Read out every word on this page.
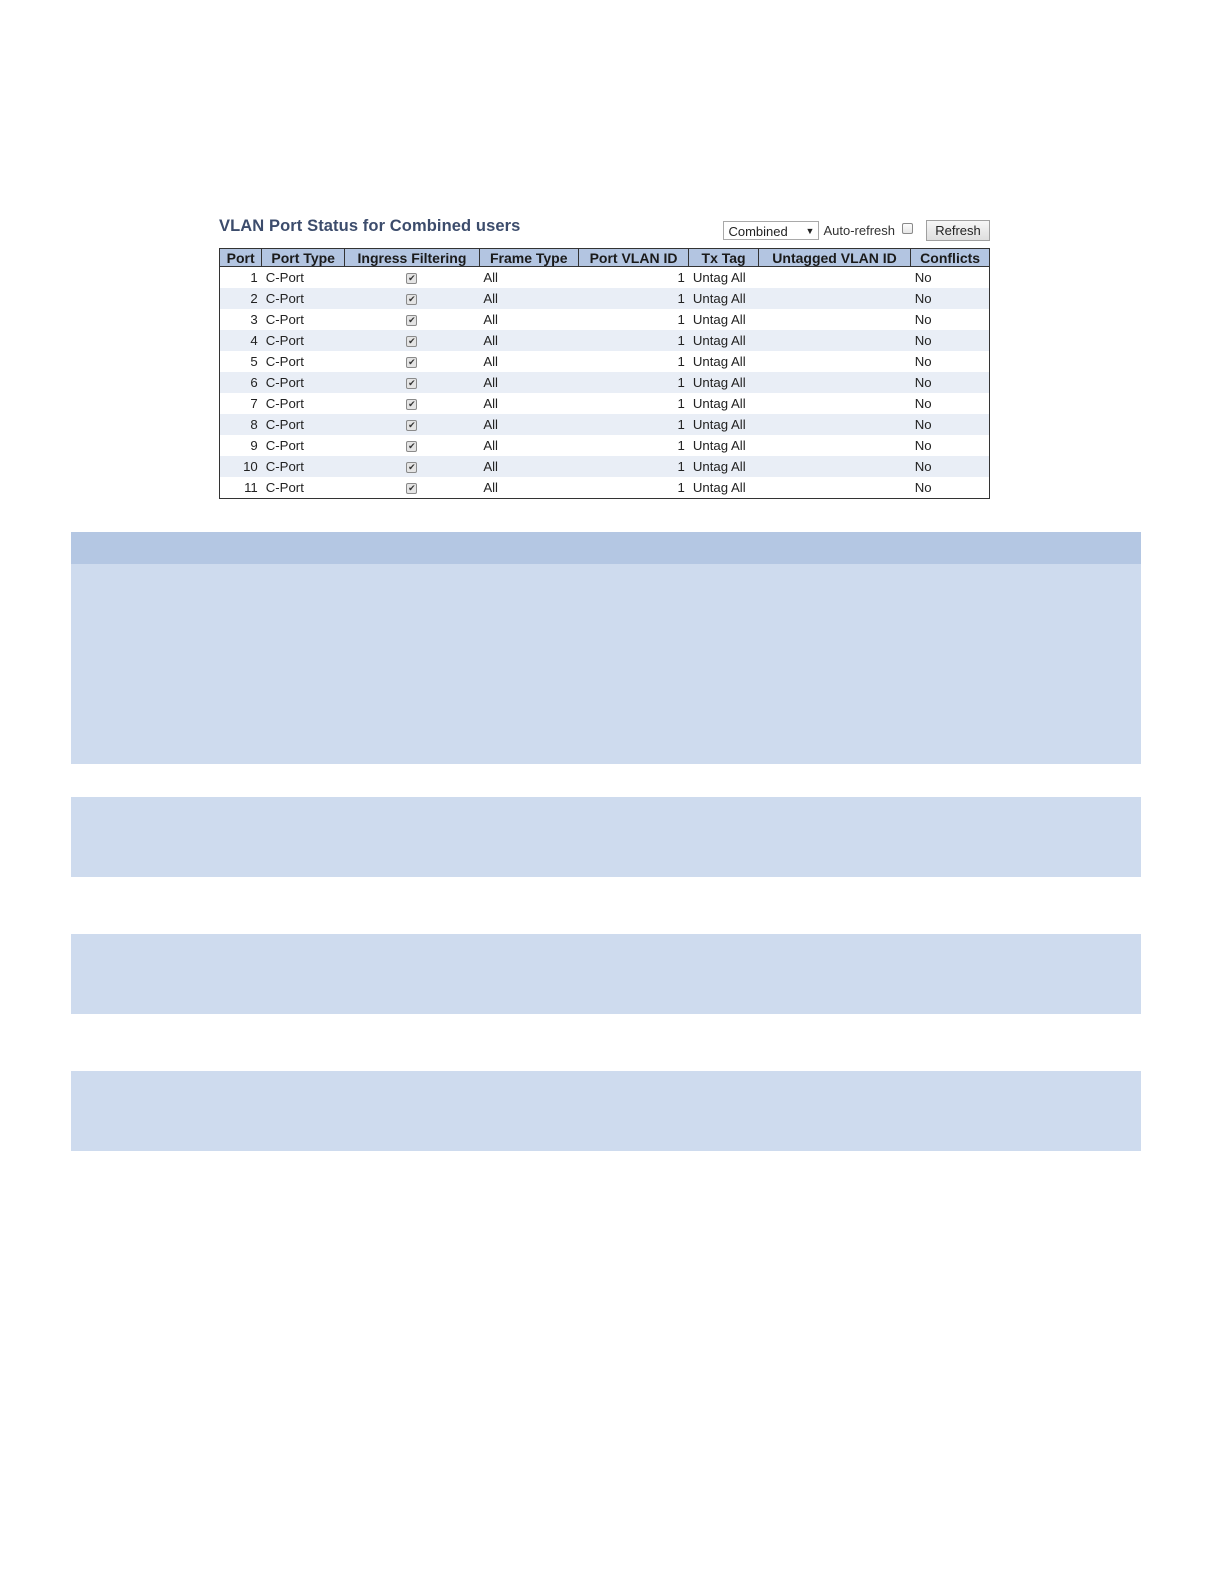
VLAN Port Status for Combined users	Combined ▼ Auto-refresh	Refresh
Port	Port Type	Ingress Filtering	Frame Type	Port VLAN ID	Tx Tag	Untagged VLAN ID	Conflicts
1	C-Port	✔	All	1	Untag All		No
2	C-Port	✔	All	1	Untag All		No
3	C-Port	✔	All	1	Untag All		No
4	C-Port	✔	All	1	Untag All		No
5	C-Port	✔	All	1	Untag All		No
6	C-Port	✔	All	1	Untag All		No
7	C-Port	✔	All	1	Untag All		No
8	C-Port	✔	All	1	Untag All		No
9	C-Port	✔	All	1	Untag All		No
10	C-Port	✔	All	1	Untag All		No
11	C-Port	✔	All	1	Untag All		No
